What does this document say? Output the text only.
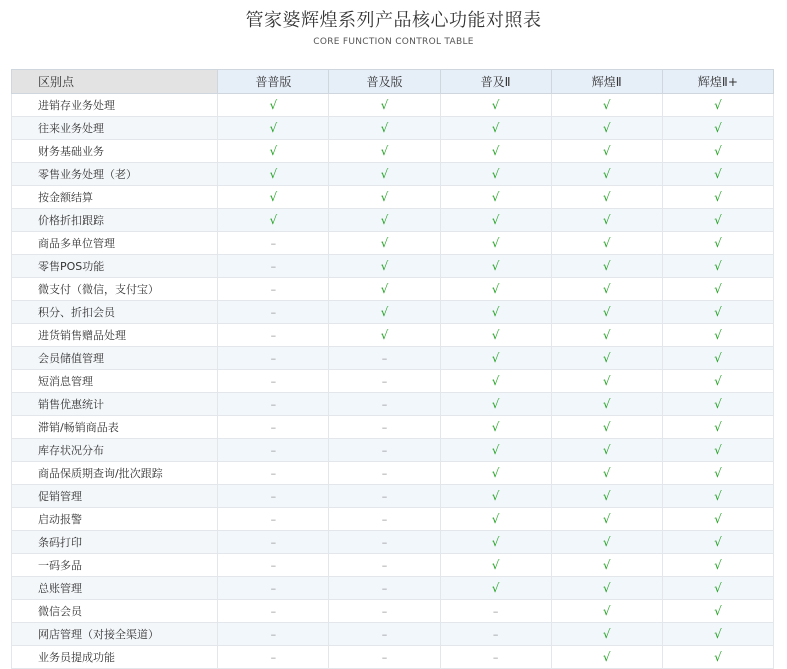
管家婆辉煌系列产品核心功能对照表
CORE FUNCTION CONTROL TABLE
区别点	普普版	普及版	普及Ⅱ	辉煌Ⅱ	辉煌Ⅱ+
进销存业务处理	√	√	√	√	√
往来业务处理	√	√	√	√	√
财务基础业务	√	√	√	√	√
零售业务处理（老）	√	√	√	√	√
按金额结算	√	√	√	√	√
价格折扣跟踪	√	√	√	√	√
商品多单位管理	–	√	√	√	√
零售POS功能	–	√	√	√	√
微支付（微信，支付宝）	–	√	√	√	√
积分、折扣会员	–	√	√	√	√
进货销售赠品处理	–	√	√	√	√
会员储值管理	–	–	√	√	√
短消息管理	–	–	√	√	√
销售优惠统计	–	–	√	√	√
滞销/畅销商品表	–	–	√	√	√
库存状况分布	–	–	√	√	√
商品保质期查询/批次跟踪	–	–	√	√	√
促销管理	–	–	√	√	√
启动报警	–	–	√	√	√
条码打印	–	–	√	√	√
一码多品	–	–	√	√	√
总账管理	–	–	√	√	√
微信会员	–	–	–	√	√
网店管理（对接全渠道）	–	–	–	√	√
业务员提成功能	–	–	–	√	√
